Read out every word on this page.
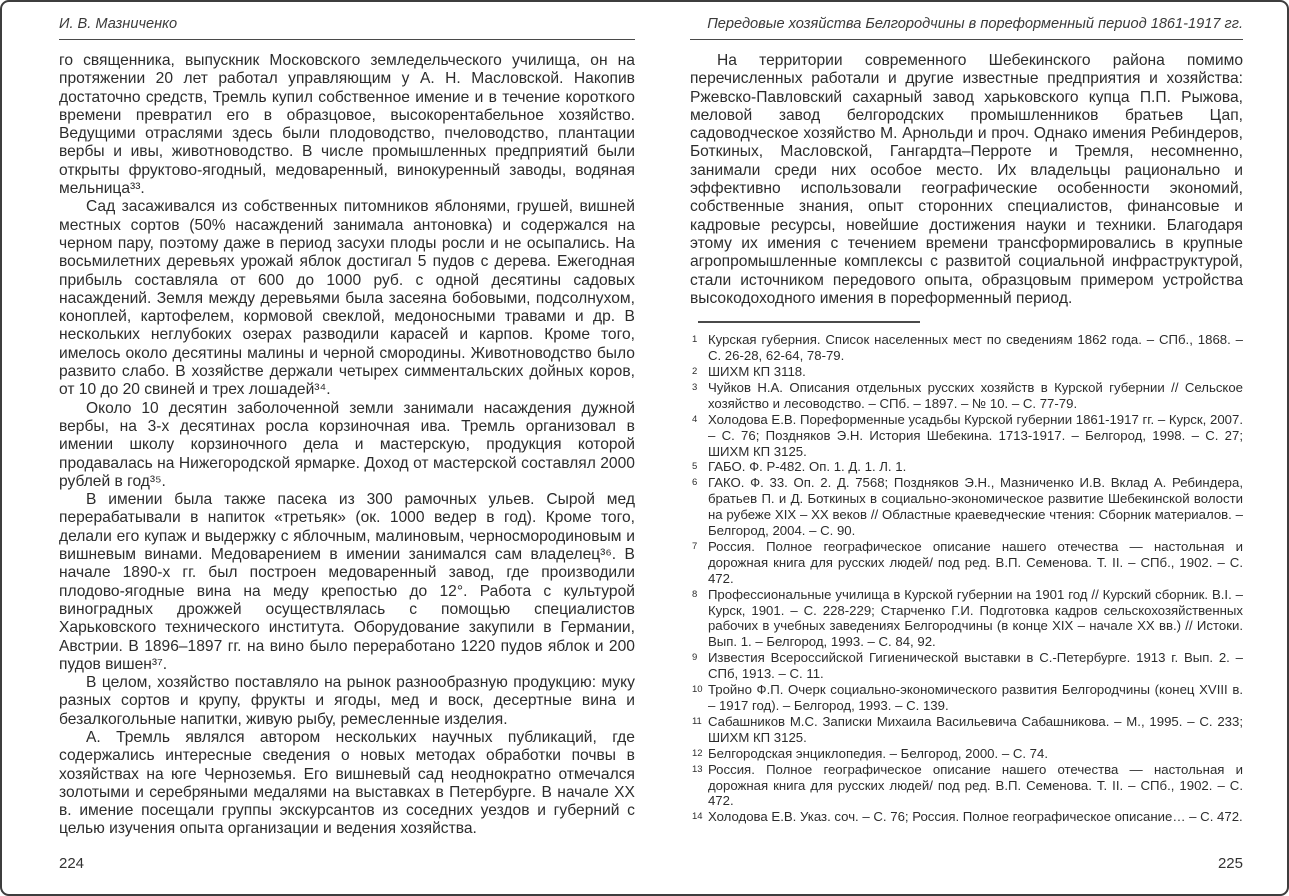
И. В. Мазниченко

го священника, выпускник Московского земледельческого училища, он на протяжении 20 лет работал управляющим у А. Н. Масловской. Накопив достаточно средств, Тремль купил собственное имение и в течение короткого времени превратил его в образцовое, высокорентабельное хозяйство. Ведущими отраслями здесь были плодоводство, пчеловодство, плантации вербы и ивы, животноводство. В числе промышленных предприятий были открыты фруктово-ягодный, медоваренный, винокуренный заводы, водяная мельница³³.

Сад засаживался из собственных питомников яблонями, грушей, вишней местных сортов (50% насаждений занимала антоновка) и содержался на черном пару, поэтому даже в период засухи плоды росли и не осыпались. На восьмилетних деревьях урожай яблок достигал 5 пудов с дерева. Ежегодная прибыль составляла от 600 до 1000 руб. с одной десятины садовых насаждений. Земля между деревьями была засеяна бобовыми, подсолнухом, коноплей, картофелем, кормовой свеклой, медоносными травами и др. В нескольких неглубоких озерах разводили карасей и карпов. Кроме того, имелось около десятины малины и черной смородины. Животноводство было развито слабо. В хозяйстве держали четырех симментальских дойных коров, от 10 до 20 свиней и трех лошадей³⁴.

Около 10 десятин заболоченной земли занимали насаждения дужной вербы, на 3-х десятинах росла корзиночная ива. Тремль организовал в имении школу корзиночного дела и мастерскую, продукция которой продавалась на Нижегородской ярмарке. Доход от мастерской составлял 2000 рублей в год³⁵.

В имении была также пасека из 300 рамочных ульев. Сырой мед перерабатывали в напиток «третьяк» (ок. 1000 ведер в год). Кроме того, делали его купаж и выдержку с яблочным, малиновым, черносмородиновым и вишневым винами. Медоварением в имении занимался сам владелец³⁶. В начале 1890-х гг. был построен медоваренный завод, где производили плодово-ягодные вина на меду крепостью до 12°. Работа с культурой виноградных дрожжей осуществлялась с помощью специалистов Харьковского технического института. Оборудование закупили в Германии, Австрии. В 1896–1897 гг. на вино было переработано 1220 пудов яблок и 200 пудов вишен³⁷.

В целом, хозяйство поставляло на рынок разнообразную продукцию: муку разных сортов и крупу, фрукты и ягоды, мед и воск, десертные вина и безалкогольные напитки, живую рыбу, ремесленные изделия.

А. Тремль являлся автором нескольких научных публикаций, где содержались интересные сведения о новых методах обработки почвы в хозяйствах на юге Черноземья. Его вишневый сад неоднократно отмечался золотыми и серебряными медалями на выставках в Петербурге. В начале XX в. имение посещали группы экскурсантов из соседних уездов и губерний с целью изучения опыта организации и ведения хозяйства.

224
Передовые хозяйства Белгородчины в пореформенный период 1861-1917 гг.

На территории современного Шебекинского района помимо перечисленных работали и другие известные предприятия и хозяйства: Ржевско-Павловский сахарный завод харьковского купца П.П. Рыжова, меловой завод белгородских промышленников братьев Цап, садоводческое хозяйство М. Арнольди и проч. Однако имения Ребиндеров, Боткиных, Масловской, Гангардта–Перроте и Тремля, несомненно, занимали среди них особое место. Их владельцы рационально и эффективно использовали географические особенности экономий, собственные знания, опыт сторонних специалистов, финансовые и кадровые ресурсы, новейшие достижения науки и техники. Благодаря этому их имения с течением времени трансформировались в крупные агропромышленные комплексы с развитой социальной инфраструктурой, стали источником передового опыта, образцовым примером устройства высокодоходного имения в пореформенный период.

1 Курская губерния. Список населенных мест по сведениям 1862 года. – СПб., 1868. – С. 26-28, 62-64, 78-79.
2 ШИХМ КП 3118.
3 Чуйков Н.А. Описания отдельных русских хозяйств в Курской губернии // Сельское хозяйство и лесоводство. – СПб. – 1897. – № 10. – С. 77-79.
4 Холодова Е.В. Пореформенные усадьбы Курской губернии 1861-1917 гг. – Курск, 2007. – С. 76; Поздняков Э.Н. История Шебекина. 1713-1917. – Белгород, 1998. – С. 27; ШИХМ КП 3125.
5 ГАБО. Ф. Р-482. Оп. 1. Д. 1. Л. 1.
6 ГАКО. Ф. 33. Оп. 2. Д. 7568; Поздняков Э.Н., Мазниченко И.В. Вклад А. Ребиндера, братьев П. и Д. Боткиных в социально-экономическое развитие Шебекинской волости на рубеже XIX – XX веков // Областные краеведческие чтения: Сборник материалов. – Белгород, 2004. – С. 90.
7 Россия. Полное географическое описание нашего отечества — настольная и дорожная книга для русских людей/ под ред. В.П. Семенова. Т. II. – СПб., 1902. – С. 472.
8 Профессиональные училища в Курской губернии на 1901 год // Курский сборник. В.I. – Курск, 1901. – С. 228-229; Старченко Г.И. Подготовка кадров сельскохозяйственных рабочих в учебных заведениях Белгородчины (в конце XIX – начале XX вв.) // Истоки. Вып. 1. – Белгород, 1993. – С. 84, 92.
9 Известия Всероссийской Гигиенической выставки в С.-Петербурге. 1913 г. Вып. 2. – СПб, 1913. – С. 11.
10 Тройно Ф.П. Очерк социально-экономического развития Белгородчины (конец XVIII в. – 1917 год). – Белгород, 1993. – С. 139.
11 Сабашников М.С. Записки Михаила Васильевича Сабашникова. – М., 1995. – С. 233; ШИХМ КП 3125.
12 Белгородская энциклопедия. – Белгород, 2000. – С. 74.
13 Россия. Полное географическое описание нашего отечества — настольная и дорожная книга для русских людей/ под ред. В.П. Семенова. Т. II. – СПб., 1902. – С. 472.
14 Холодова Е.В. Указ. соч. – С. 76; Россия. Полное географическое описание… – С. 472.
225
